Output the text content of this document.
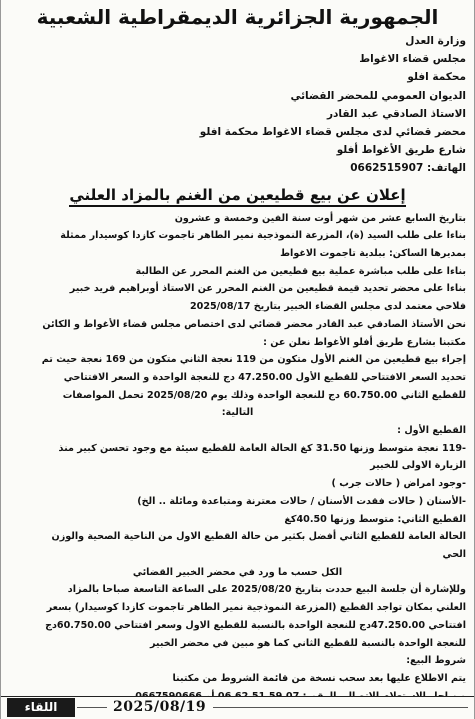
الجمهورية الجزائرية الديمقراطية الشعبية
وزارة العدل
مجلس قضاء الاغواط
محكمة افلو
الديوان العمومي للمحضر القضائي
الاستاذ الصادقي عبد القادر
محضر قضائي لدى مجلس قضاء الاغواط محكمة افلو
شارع طريق الأغواط أفلو
الهاتف: 0662515907
إعلان عن بيع قطيعين من الغنم بالمزاد العلني
بتاريخ السابع عشر من شهر أوت سنة الفين وخمسة و عشرون
بناءا على طلب السيد (ة)، المزرعة النموذجية نمير الطاهر تاجموت كازدا كوسيدار ممثلة
بمديرها الساكن: ببلدية تاجموت الاغواط
بناءا على طلب مباشرة عملية بيع قطيعين من الغنم المحرر عن الطالبة
بناءا على محضر تحديد قيمة قطيعين من الغنم المحرر عن الاستاذ أوبراهيم فريد خبير
فلاحي معتمد لدى مجلس القضاء الخبير بتاريخ 2025/08/17
نحن الأستاذ الصادقي عبد القادر محضر قضائي لدى اختصاص مجلس قضاء الأغواط و الكائن
مكتبنا بشارع طريق أفلو الأغواط نعلن عن :
إجراء بيع قطيعين من الغنم الأول متكون من 119 نعجة الثاني متكون من 169 نعجة حيث تم
تحديد السعر الافتتاحي للقطيع الأول 47.250.00 دج للنعجة الواحدة و السعر الافتتاحي
للقطيع الثاني 60.750.00 دج للنعجة الواحدة وذلك يوم 2025/08/20 تحمل المواصفات
التالية:
القطيع الأول :
-119 نعجة متوسط وزنها 31.50 كغ الحالة العامة للقطيع سيئة مع وجود تحسن كبير منذ
الزيارة الاولى للخبير
-وجود امراض ( حالات جرب )
-الأسنان ( حالات فقدت الأسنان / حالات معترنة ومتباعدة ومائلة .. الخ)
القطيع الثاني: متوسط وزنها 40.50كغ
الحالة العامة للقطيع الثاني أفضل بكثير من حالة القطيع الاول من الناحية الصحية والوزن
الحي
الكل حسب ما ورد في محضر الخبير القضائي
وللإشارة أن جلسة البيع حددت بتاريخ 2025/08/20 على الساعة التاسعة صباحا بالمزاد
العلني بمكان تواجد القطيع (المزرعة النموذجية نمير الطاهر تاجموت كازدا كوسيدار) بسعر
افتتاحي 47.250.00دج للنعجة الواحدة بالنسبة للقطيع الاول وسعر افتتاحي 60.750.00دج
للنعجة الواحدة بالنسبة للقطيع الثاني كما هو مبين في محضر الخبير
شروط البيع:
يتم الاطلاع عليها بعد سحب نسخة من قائمة الشروط من مكتبنا
2025/08/19
اللقاء
